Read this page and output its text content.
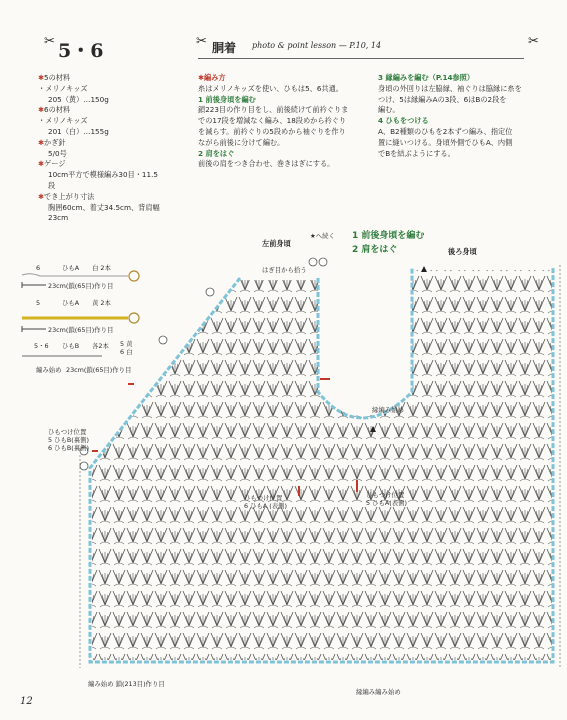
✂ 5・6	✂ 胴着 photo & point lesson — P.10, 14	✂
✱5の材料
・メリノキッズ
205（黄）…150g
✱6の材料
・メリノキッズ
201（白）…155g
✱かぎ針
5/0号
✱ゲージ
10cm平方で模様編み30目・11.5
段
✱でき上がり寸法
胸囲60cm、着丈34.5cm、背肩幅
23cm
✱編み方
糸はメリノキッズを使い、ひもは5、6共通。
1 前後身頃を編む
鎖223目の作り目をし、前後続けて前衿ぐりま
での17段を増減なく編み、18段めから衿ぐり
を減らす。前衿ぐりの5段めから袖ぐりを作り
ながら前後に分けて編む。
2 肩をはぐ
前後の肩をつき合わせ、巻きはぎにする。
3 縁編みを編む（P.14参照）
身頃の外回りは左脇縁、袖ぐりは脇縁に糸を
つけ、5は縁編みAの3段、6はBの2段を
編む。
4 ひもをつける
A、B2種類のひもを2本ずつ編み、指定位
置に縫いつける。身頃外側でひもA、内側
でBを結ぶようにする。
6	ひもA 白 2本
23cm(鎖(65目)作り目
5	ひもA 黄 2本
23cm(鎖(65目)作り目
5・6 ひもB 各2本 5 黄
6 白
編み始め 23cm(鎖(65目)作り目
左前身頃
後ろ身頃
★へ続く
はぎ目から拾う
縁編み始め
ひもつけ位置
5 ひもB(裏側)
6 ひもB(裏側)
ひもつけ位置
6 ひもA (表側)
ひもつけ位置
5 ひもA(表側)
編み始め 鎖(213目)作り目
縁編み編み始め
1 前後身頃を編む
2 肩をはぐ
12
